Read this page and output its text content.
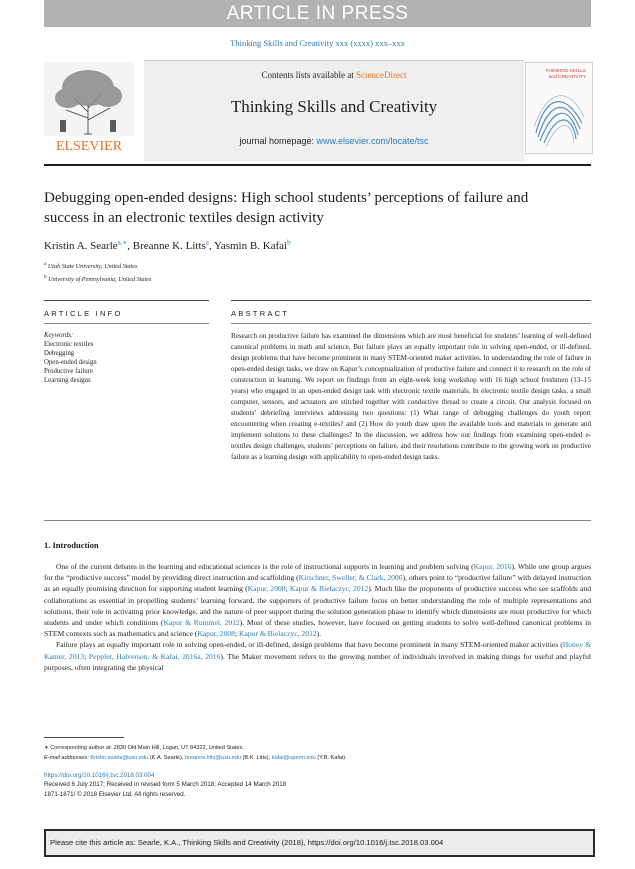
ARTICLE IN PRESS
Thinking Skills and Creativity xxx (xxxx) xxx–xxx
ELSEVIER
Contents lists available at ScienceDirect
Thinking Skills and Creativity
journal homepage: www.elsevier.com/locate/tsc
THINKING SKILLS
and CREATIVITY
Debugging open-ended designs: High school students’ perceptions of failure and success in an electronic textiles design activity
Kristin A. Searle$^{a,∗}$, Breanne K. Litts$^a$, Yasmin B. Kafai$^b$
$^a$ Utah State University, United States
$^b$ University of Pennsylvania, United States
ARTICLE INFO	ABSTRACT
Keywords:
Electronic textiles
Debugging
Open-ended design
Productive failure
Learning designs
Research on productive failure has examined the dimensions which are most beneficial for students’ learning of well-defined canonical problems in math and science. But failure plays an equally important role in solving open-ended, or ill-defined, design problems that have become prominent in many STEM-oriented maker activities. In understanding the role of failure in open-ended design tasks, we draw on Kapur’s conceptualization of productive failure and connect it to research on the role of construction in learning. We report on findings from an eight-week long workshop with 16 high school freshmen (13–15 years) who engaged in an open-ended design task with electronic textile materials. In electronic textile design tasks, a small computer, sensors, and actuators are stitched together with conductive thread to create a circuit. Our analysis focused on students’ debriefing interviews addressing two questions: (1) What range of debugging challenges do youth report encountering when creating e-textiles? and (2) How do youth draw upon the available tools and materials to generate and implement solutions to these challenges? In the discussion, we address how our findings from examining open-ended e-textiles design challenges, students’ perceptions on failure, and their resolutions contribute to the growing work on productive failure as a learning design with applicability to open-ended design tasks.
1. Introduction

One of the current debates in the learning and educational sciences is the role of instructional supports in learning and problem solving (Kapur, 2016). While one group argues for the “productive success” model by providing direct instruction and scaffolding (Kirschner, Sweller, & Clark, 2006), others point to “productive failure” with delayed instruction as an equally promising direction for supporting student learning (Kapur, 2008; Kapur & Bielaczyc, 2012). Much like the proponents of productive success who see scaffolds and collaborations as essential in propelling students’ learning forward, the supporters of productive failure focus on better understanding the role of multiple representations and solutions, their role in activating prior knowledge, and the nature of peer support during the solution generation phase to identify which dimensions are most productive for which students and under which conditions (Kapur & Rummel, 2012). Most of these studies, however, have focused on getting students to solve well-defined canonical problems in STEM contexts such as mathematics and science (Kapur, 2008; Kapur & Bielaczyc, 2012).

Failure plays an equally important role in solving open-ended, or ill-defined, design problems that have become prominent in many STEM-oriented maker activities (Honey & Kanter, 2013; Peppler, Halverson, & Kafai, 2016a, 2016). The Maker movement refers to the growing number of individuals involved in making things for useful and playful purposes, often integrating the physical

∗ Corresponding author at: 2830 Old Main Hill, Logan, UT 84322, United States.
E-mail addresses: Kristin.searle@usu.edu (K.A. Searle), breanne.litts@usu.edu (B.K. Litts), kafai@upenn.edu (Y.B. Kafai).
https://doi.org/10.1016/j.tsc.2018.03.004
Received 6 July 2017; Received in revised form 5 March 2018; Accepted 14 March 2018
1871-1871/ © 2018 Elsevier Ltd. All rights reserved.
Please cite this article as: Searle, K.A., Thinking Skills and Creativity (2018), https://doi.org/10.1016/j.tsc.2018.03.004
